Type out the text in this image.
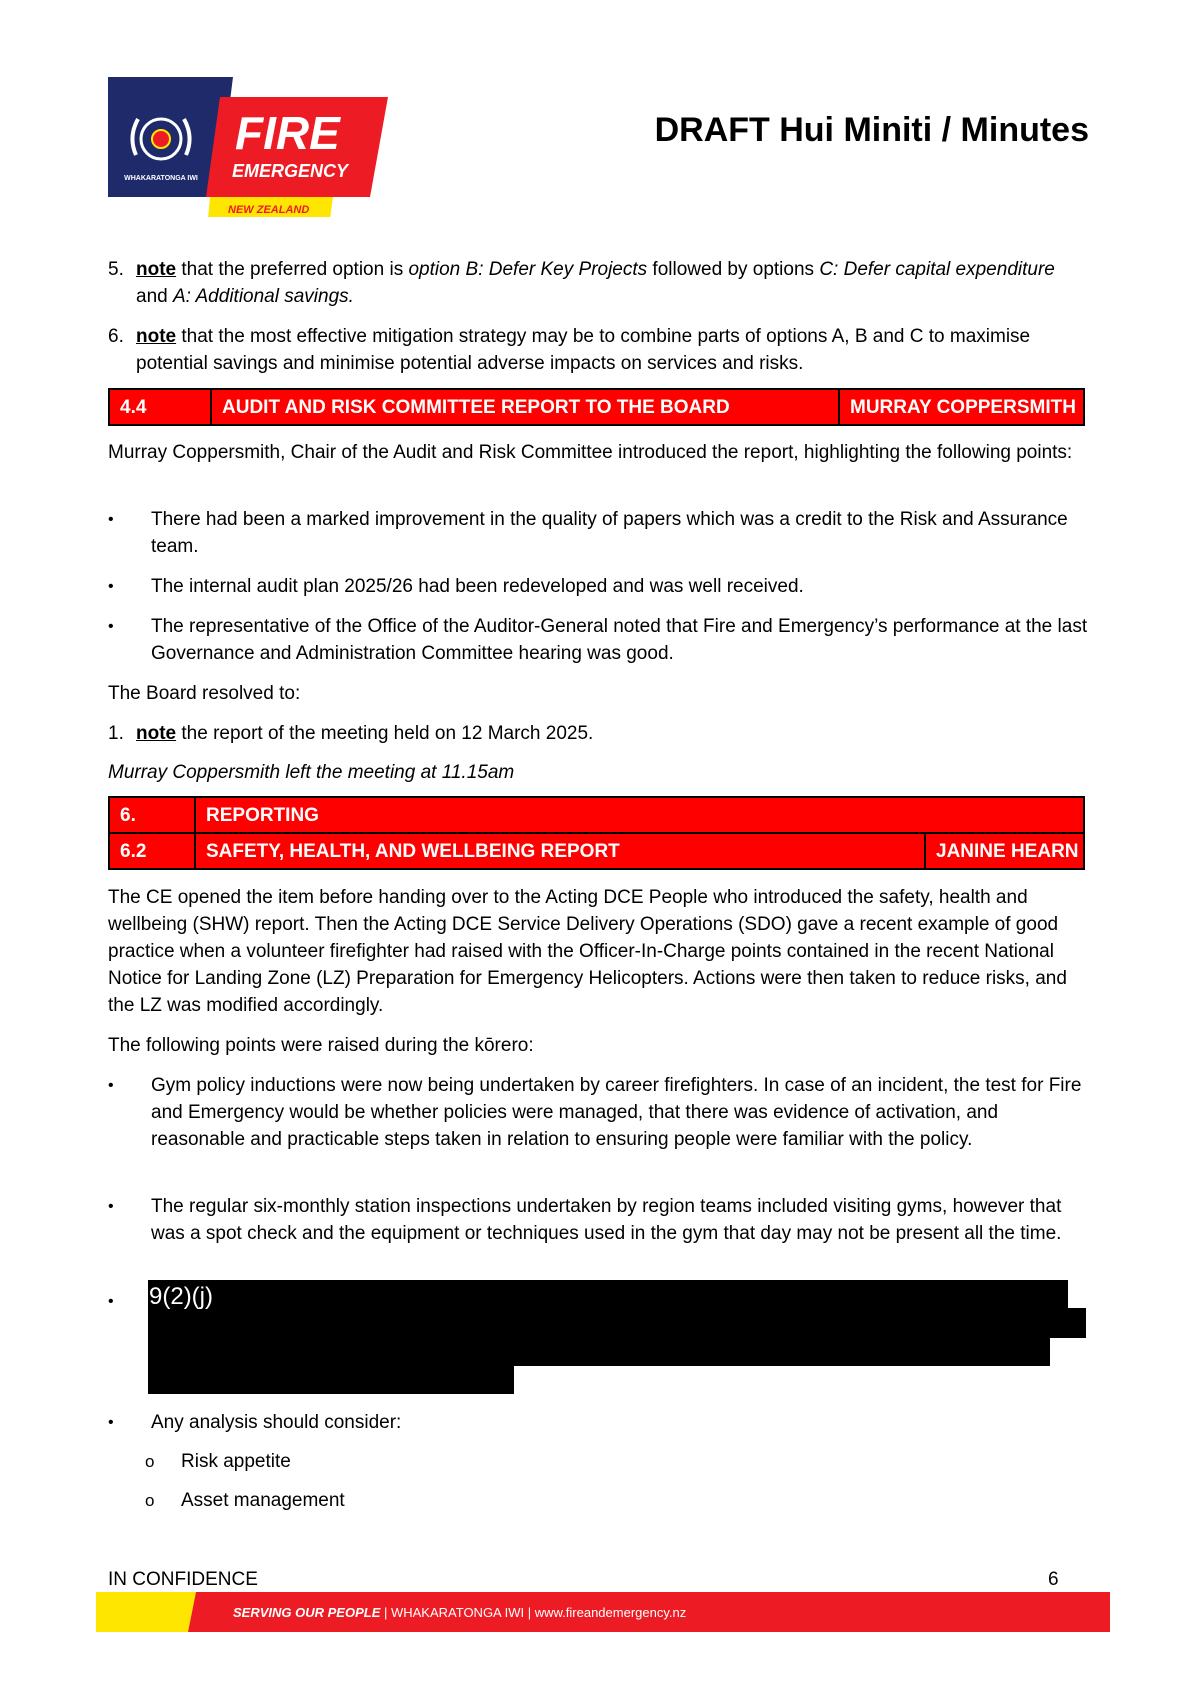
WHAKARATONGA IWI
FIRE
EMERGENCY
NEW ZEALAND
DRAFT Hui Miniti / Minutes
5. note that the preferred option is option B: Defer Key Projects followed by options C: Defer capital expenditure and A: Additional savings.
6. note that the most effective mitigation strategy may be to combine parts of options A, B and C to maximise potential savings and minimise potential adverse impacts on services and risks.
4.4	AUDIT AND RISK COMMITTEE REPORT TO THE BOARD	MURRAY COPPERSMITH
Murray Coppersmith, Chair of the Audit and Risk Committee introduced the report, highlighting the following points:
•	There had been a marked improvement in the quality of papers which was a credit to the Risk and Assurance team.
•	The internal audit plan 2025/26 had been redeveloped and was well received.
•	The representative of the Office of the Auditor-General noted that Fire and Emergency’s performance at the last Governance and Administration Committee hearing was good.
The Board resolved to:
1. note the report of the meeting held on 12 March 2025.
Murray Coppersmith left the meeting at 11.15am
6.	REPORTING
6.2	SAFETY, HEALTH, AND WELLBEING REPORT	JANINE HEARN
The CE opened the item before handing over to the Acting DCE People who introduced the safety, health and wellbeing (SHW) report. Then the Acting DCE Service Delivery Operations (SDO) gave a recent example of good practice when a volunteer firefighter had raised with the Officer-In-Charge points contained in the recent National Notice for Landing Zone (LZ) Preparation for Emergency Helicopters. Actions were then taken to reduce risks, and the LZ was modified accordingly.
The following points were raised during the kōrero:
•	Gym policy inductions were now being undertaken by career firefighters. In case of an incident, the test for Fire and Emergency would be whether policies were managed, that there was evidence of activation, and reasonable and practicable steps taken in relation to ensuring people were familiar with the policy.
•	The regular six-monthly station inspections undertaken by region teams included visiting gyms, however that was a spot check and the equipment or techniques used in the gym that day may not be present all the time.
•	9(2)(j)
•	Any analysis should consider:
o Risk appetite
o Asset management
IN CONFIDENCE	6
SERVING OUR PEOPLE | WHAKARATONGA IWI | www.fireandemergency.nz
